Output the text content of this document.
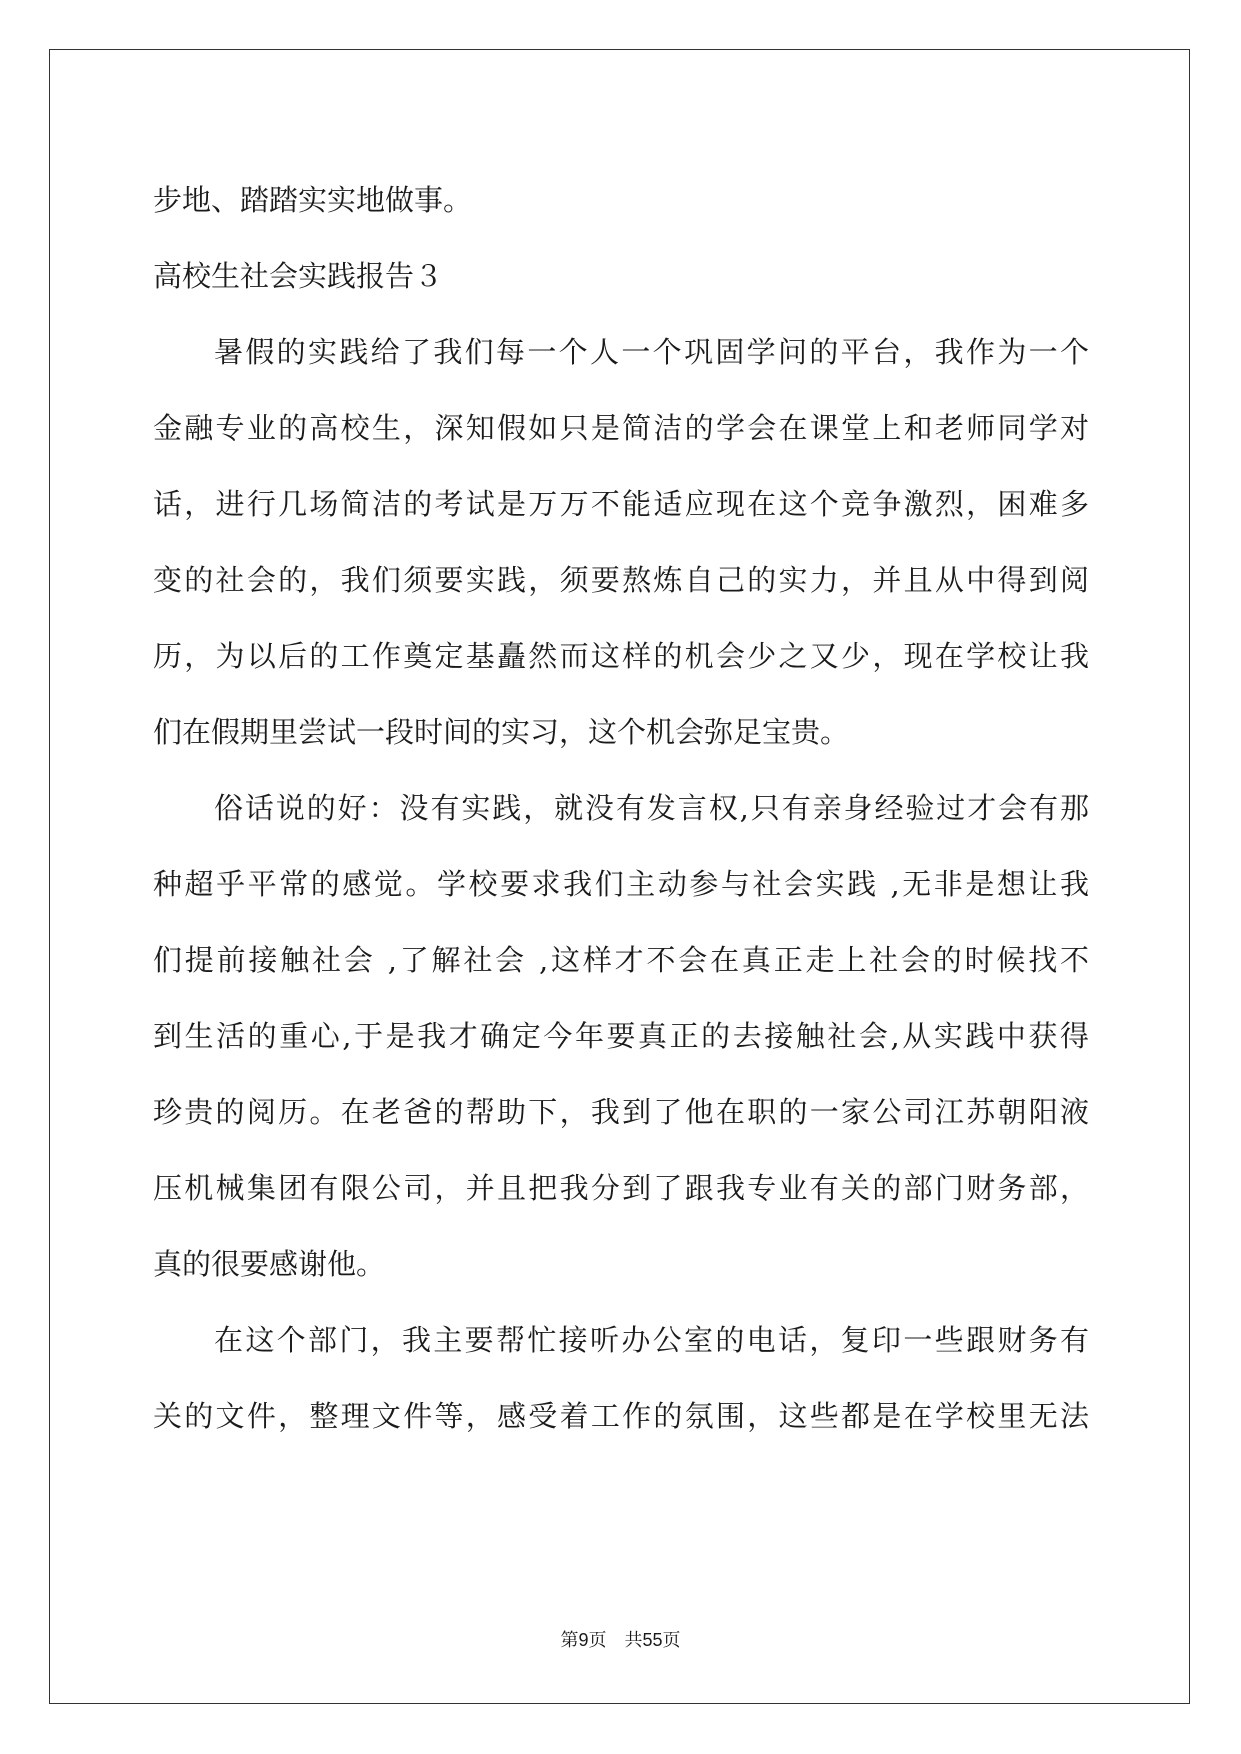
步地、踏踏实实地做事。
高校生社会实践报告３
暑假的实践给了我们每一个人一个巩固学问的平台，我作为一个
金融专业的高校生，深知假如只是简洁的学会在课堂上和老师同学对
话，进行几场简洁的考试是万万不能适应现在这个竞争激烈，困难多
变的社会的，我们须要实践，须要熬炼自己的实力，并且从中得到阅
历，为以后的工作奠定基矗然而这样的机会少之又少，现在学校让我
们在假期里尝试一段时间的实习，这个机会弥足宝贵。
俗话说的好：没有实践，就没有发言权,只有亲身经验过才会有那
种超乎平常的感觉。学校要求我们主动参与社会实践 ,无非是想让我
们提前接触社会 ,了解社会 ,这样才不会在真正走上社会的时候找不
到生活的重心,于是我才确定今年要真正的去接触社会,从实践中获得
珍贵的阅历。在老爸的帮助下，我到了他在职的一家公司江苏朝阳液
压机械集团有限公司，并且把我分到了跟我专业有关的部门财务部，
真的很要感谢他。
在这个部门，我主要帮忙接听办公室的电话，复印一些跟财务有
关的文件，整理文件等，感受着工作的氛围，这些都是在学校里无法
第9页 共55页
